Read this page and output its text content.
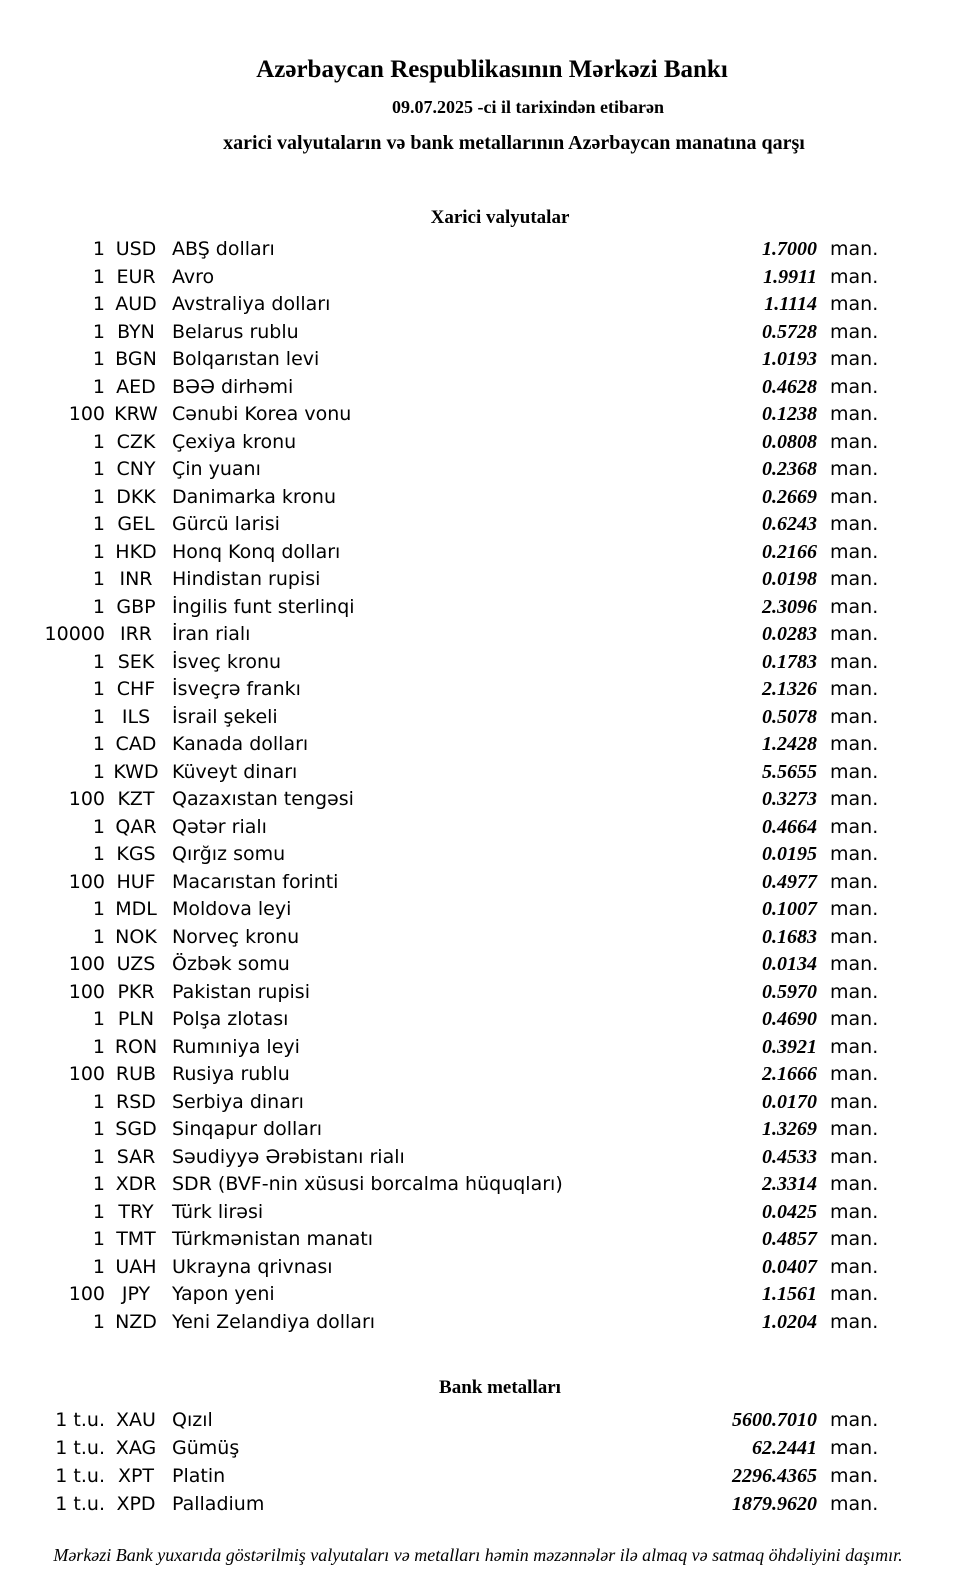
Azərbaycan Respublikasının Mərkəzi Bankı
09.07.2025 -ci il tarixindən etibarən
xarici valyutaların və bank metallarının Azərbaycan manatına qarşı
Xarici valyutalar
1 USD ABŞ dolları	1.7000 man.
1 EUR Avro	1.9911 man.
1 AUD Avstraliya dolları	1.1114 man.
1 BYN Belarus rublu	0.5728 man.
1 BGN Bolqarıstan levi	1.0193 man.
1 AED BƏƏ dirhəmi	0.4628 man.
100 KRW Cənubi Korea vonu	0.1238 man.
1 CZK Çexiya kronu	0.0808 man.
1 CNY Çin yuanı	0.2368 man.
1 DKK Danimarka kronu	0.2669 man.
1 GEL Gürcü larisi	0.6243 man.
1 HKD Honq Konq dolları	0.2166 man.
1 INR	Hindistan rupisi	0.0198 man.
1 GBP İngilis funt sterlinqi	2.3096 man.
10000 IRR	İran rialı	0.0283 man.
1 SEK İsveç kronu	0.1783 man.
1 CHF İsveçrə frankı	2.1326 man.
1 ILS	İsrail şekeli	0.5078 man.
1 CAD Kanada dolları	1.2428 man.
1 KWD Küveyt dinarı	5.5655 man.
100 KZT Qazaxıstan tengəsi	0.3273 man.
1 QAR Qətər rialı	0.4664 man.
1 KGS Qırğız somu	0.0195 man.
100 HUF Macarıstan forinti	0.4977 man.
1 MDL Moldova leyi	0.1007 man.
1 NOK Norveç kronu	0.1683 man.
100 UZS Özbək somu	0.0134 man.
100 PKR Pakistan rupisi	0.5970 man.
1 PLN Polşa zlotası	0.4690 man.
1 RON Rumıniya leyi	0.3921 man.
100 RUB Rusiya rublu	2.1666 man.
1 RSD Serbiya dinarı	0.0170 man.
1 SGD Sinqapur dolları	1.3269 man.
1 SAR Səudiyyə Ərəbistanı rialı	0.4533 man.
1 XDR SDR (BVF-nin xüsusi borcalma hüquqları)	2.3314 man.
1 TRY Türk lirəsi	0.0425 man.
1 TMT Türkmənistan manatı	0.4857 man.
1 UAH Ukrayna qrivnası	0.0407 man.
100 JPY	Yapon yeni	1.1561 man.
1 NZD Yeni Zelandiya dolları	1.0204 man.
Bank metalları
1 t.u. XAU Qızıl	5600.7010 man.
1 t.u. XAG Gümüş	62.2441 man.
1 t.u. XPT Platin	2296.4365 man.
1 t.u. XPD Palladium	1879.9620 man.
Mərkəzi Bank yuxarıda göstərilmiş valyutaları və metalları həmin məzənnələr ilə almaq və satmaq öhdəliyini daşımır.
